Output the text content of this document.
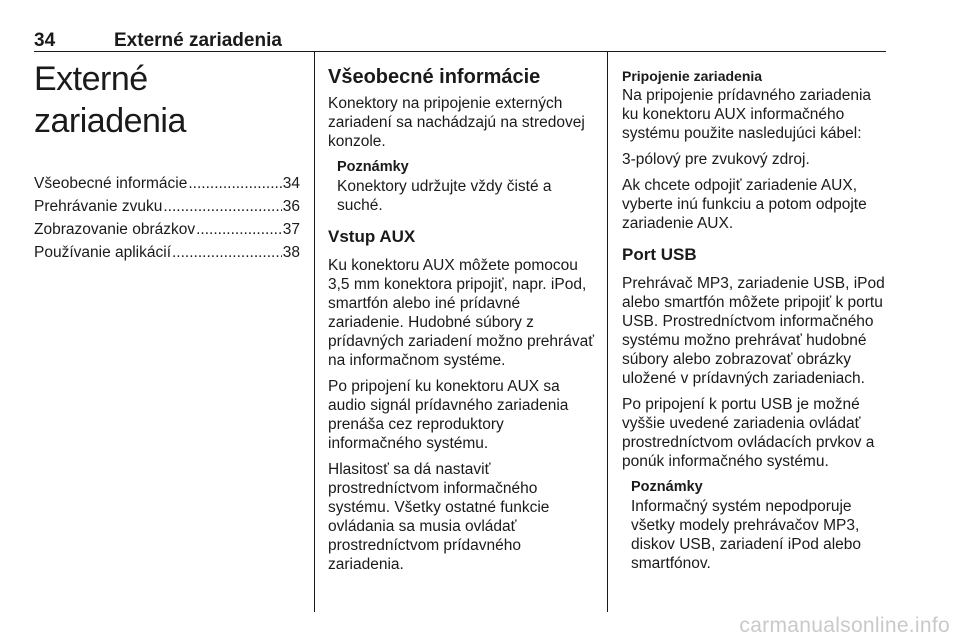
34	Externé zariadenia
Externé zariadenia
Všeobecné informácie .....	34
Prehrávanie zvuku .....	36
Zobrazovanie obrázkov .....	37
Používanie aplikácií .....	38
Všeobecné informácie

Konektory na pripojenie externých zariadení sa nachádzajú na stredovej konzole.

Poznámky
Konektory udržujte vždy čisté a suché.
Vstup AUX

Ku konektoru AUX môžete pomocou 3,5 mm konektora pripojiť, napr. iPod, smartfón alebo iné prídavné zariadenie. Hudobné súbory z prídavných zariadení možno prehrávať na informačnom systéme.

Po pripojení ku konektoru AUX sa audio signál prídavného zariadenia prenáša cez reproduktory informačného systému.

Hlasitosť sa dá nastaviť prostredníctvom informačného systému. Všetky ostatné funkcie ovládania sa musia ovládať prostredníctvom prídavného zariadenia.

Pripojenie zariadenia

Na pripojenie prídavného zariadenia ku konektoru AUX informačného systému použite nasledujúci kábel:

3-pólový pre zvukový zdroj.

Ak chcete odpojiť zariadenie AUX, vyberte inú funkciu a potom odpojte zariadenie AUX.

Port USB

Prehrávač MP3, zariadenie USB, iPod alebo smartfón môžete pripojiť k portu USB. Prostredníctvom informačného systému možno prehrávať hudobné súbory alebo zobrazovať obrázky uložené v prídavných zariadeniach.

Po pripojení k portu USB je možné vyššie uvedené zariadenia ovládať prostredníctvom ovládacích prvkov a ponúk informačného systému.

Poznámky
Informačný systém nepodporuje všetky modely prehrávačov MP3, diskov USB, zariadení iPod alebo smartfónov.
carmanualsonline.info
